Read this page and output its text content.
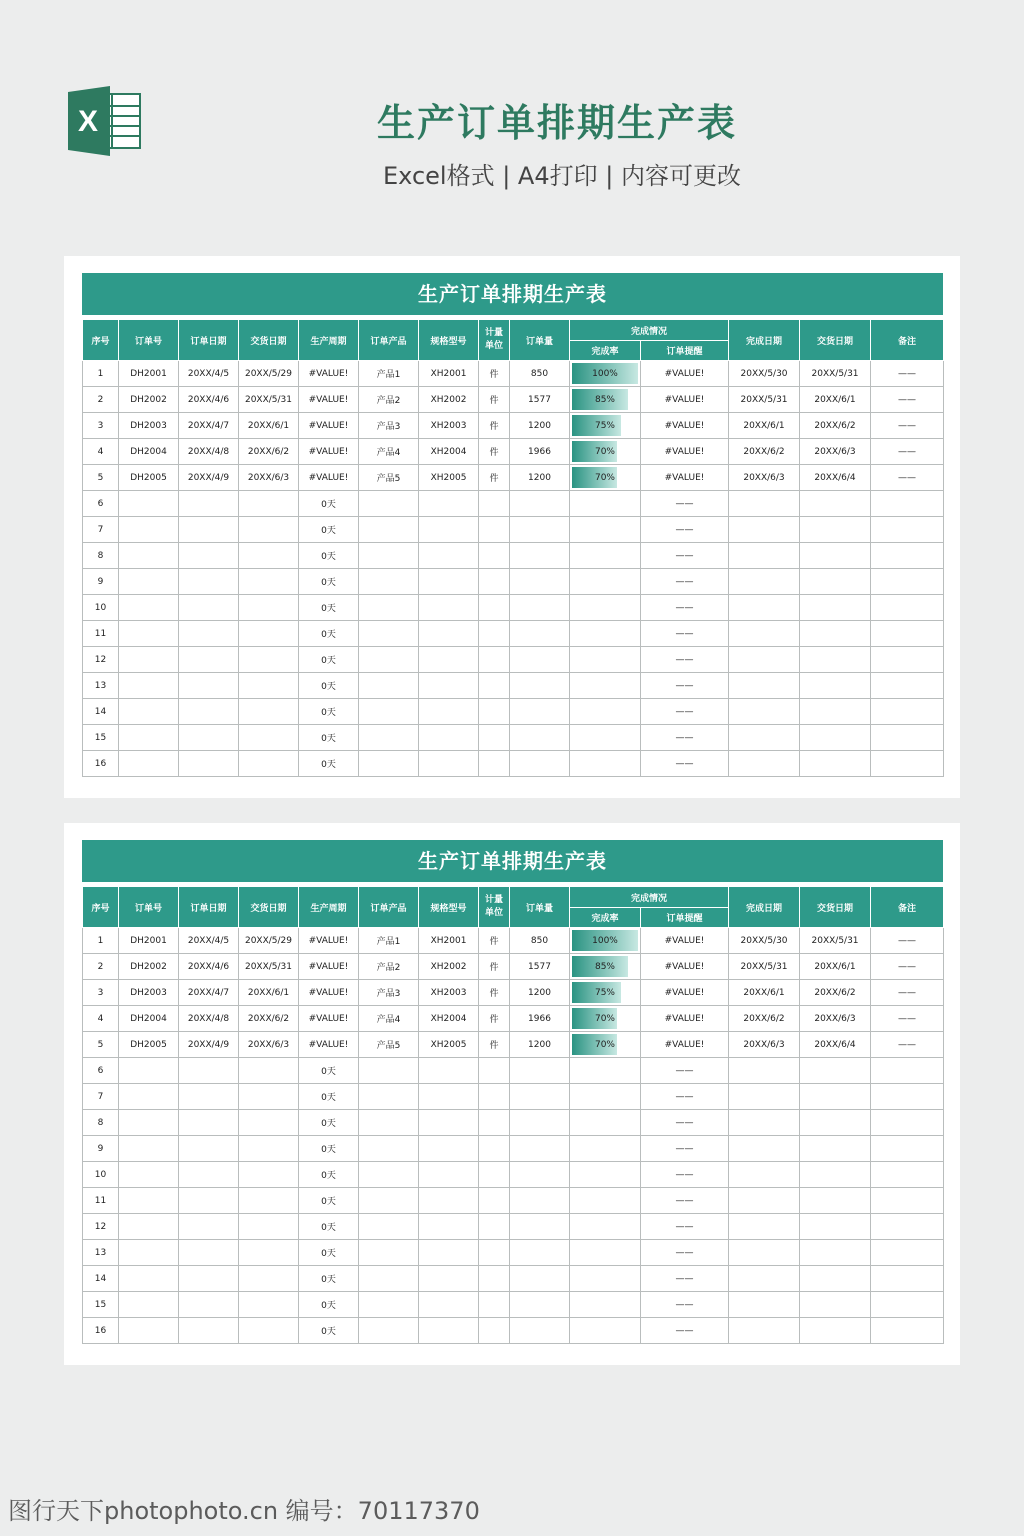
X	生产订单排期生产表
Excel格式 | A4打印 | 内容可更改
生产订单排期生产表
序号	订单号	订单日期	交货日期	生产周期	订单产品	规格型号	计量单位	订单量	完成情况		完成日期	交货日期	备注
									完成率	订单提醒			
1	DH2001	20XX/4/5	20XX/5/29	#VALUE!	产品1	XH2001	件	850	100%	#VALUE!	20XX/5/30	20XX/5/31	——
2	DH2002	20XX/4/6	20XX/5/31	#VALUE!	产品2	XH2002	件	1577	85%	#VALUE!	20XX/5/31	20XX/6/1	——
3	DH2003	20XX/4/7	20XX/6/1	#VALUE!	产品3	XH2003	件	1200	75%	#VALUE!	20XX/6/1	20XX/6/2	——
4	DH2004	20XX/4/8	20XX/6/2	#VALUE!	产品4	XH2004	件	1966	70%	#VALUE!	20XX/6/2	20XX/6/3	——
5	DH2005	20XX/4/9	20XX/6/3	#VALUE!	产品5	XH2005	件	1200	70%	#VALUE!	20XX/6/3	20XX/6/4	——
6				0天						——			
7				0天						——			
8				0天						——			
9				0天						——			
10				0天						——			
11				0天						——			
12				0天						——			
13				0天						——			
14				0天						——			
15				0天						——			
16				0天						——			
生产订单排期生产表
序号	订单号	订单日期	交货日期	生产周期	订单产品	规格型号	计量单位	订单量	完成情况		完成日期	交货日期	备注
									完成率	订单提醒			
1	DH2001	20XX/4/5	20XX/5/29	#VALUE!	产品1	XH2001	件	850	100%	#VALUE!	20XX/5/30	20XX/5/31	——
2	DH2002	20XX/4/6	20XX/5/31	#VALUE!	产品2	XH2002	件	1577	85%	#VALUE!	20XX/5/31	20XX/6/1	——
3	DH2003	20XX/4/7	20XX/6/1	#VALUE!	产品3	XH2003	件	1200	75%	#VALUE!	20XX/6/1	20XX/6/2	——
4	DH2004	20XX/4/8	20XX/6/2	#VALUE!	产品4	XH2004	件	1966	70%	#VALUE!	20XX/6/2	20XX/6/3	——
5	DH2005	20XX/4/9	20XX/6/3	#VALUE!	产品5	XH2005	件	1200	70%	#VALUE!	20XX/6/3	20XX/6/4	——
6				0天						——			
7				0天						——			
8				0天						——			
9				0天						——			
10				0天						——			
11				0天						——			
12				0天						——			
13				0天						——			
14				0天						——			
15				0天						——			
16				0天						——			
图行天下photophoto.cn 编号：70117370
